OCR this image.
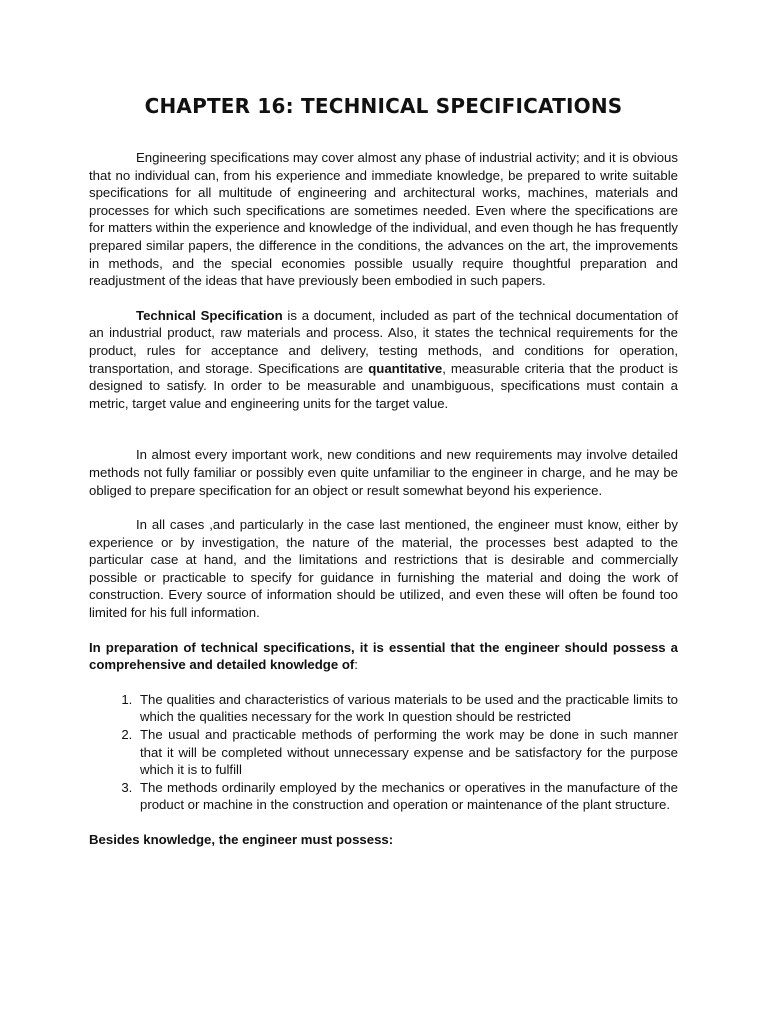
CHAPTER 16: TECHNICAL SPECIFICATIONS

Engineering specifications may cover almost any phase of industrial activity; and it is obvious that no individual can, from his experience and immediate knowledge, be prepared to write suitable specifications for all multitude of engineering and architectural works, machines, materials and processes for which such specifications are sometimes needed. Even where the specifications are for matters within the experience and knowledge of the individual, and even though he has frequently prepared similar papers, the difference in the conditions, the advances on the art, the improvements in methods, and the special economies possible usually require thoughtful preparation and readjustment of the ideas that have previously been embodied in such papers.

Technical Specification is a document, included as part of the technical documentation of an industrial product, raw materials and process. Also, it states the technical requirements for the product, rules for acceptance and delivery, testing methods, and conditions for operation, transportation, and storage. Specifications are quantitative, measurable criteria that the product is designed to satisfy. In order to be measurable and unambiguous, specifications must contain a metric, target value and engineering units for the target value.

In almost every important work, new conditions and new requirements may involve detailed methods not fully familiar or possibly even quite unfamiliar to the engineer in charge, and he may be obliged to prepare specification for an object or result somewhat beyond his experience.

In all cases ,and particularly in the case last mentioned, the engineer must know, either by experience or by investigation, the nature of the material, the processes best adapted to the particular case at hand, and the limitations and restrictions that is desirable and commercially possible or practicable to specify for guidance in furnishing the material and doing the work of construction. Every source of information should be utilized, and even these will often be found too limited for his full information.

In preparation of technical specifications, it is essential that the engineer should possess a comprehensive and detailed knowledge of:

1. The qualities and characteristics of various materials to be used and the practicable limits to which the qualities necessary for the work In question should be restricted
2. The usual and practicable methods of performing the work may be done in such manner that it will be completed without unnecessary expense and be satisfactory for the purpose which it is to fulfill
3. The methods ordinarily employed by the mechanics or operatives in the manufacture of the product or machine in the construction and operation or maintenance of the plant structure.

Besides knowledge, the engineer must possess:
